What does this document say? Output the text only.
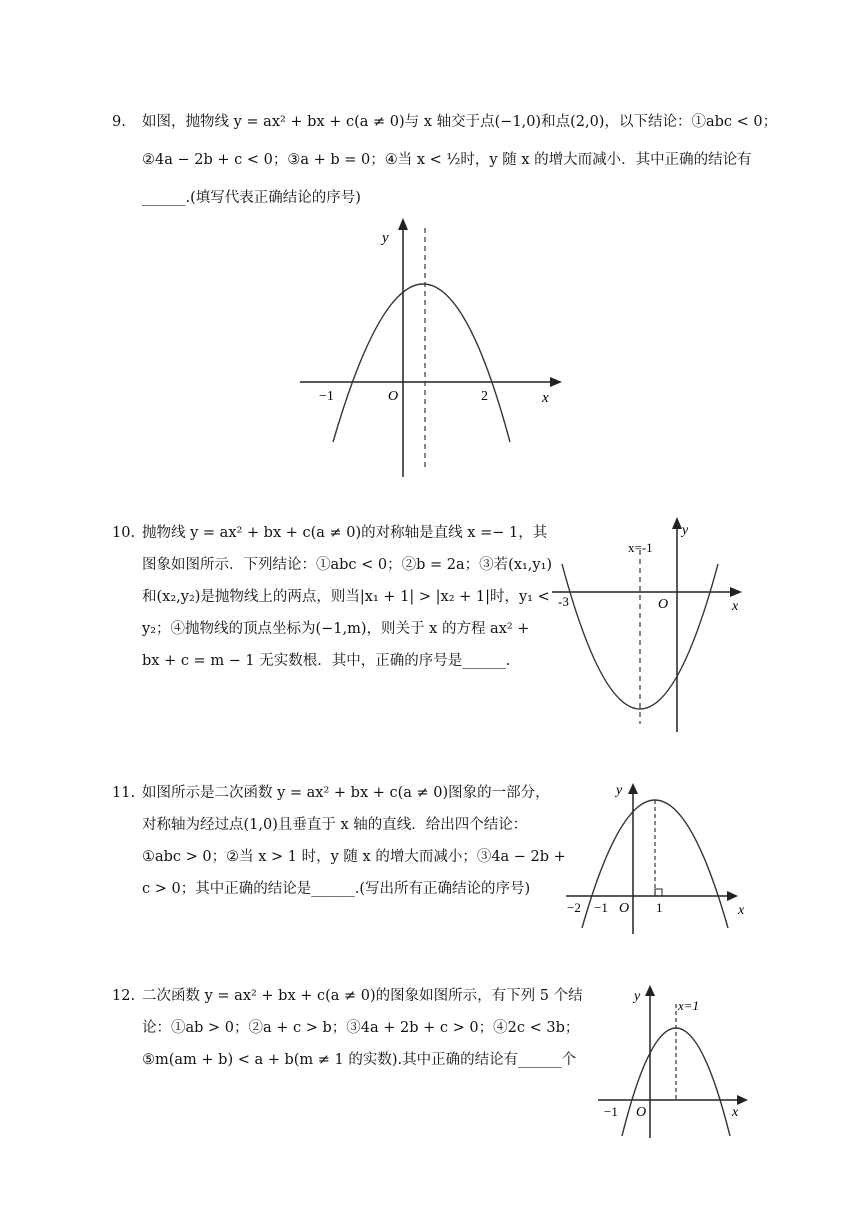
9. 如图，抛物线 y = ax² + bx + c(a ≠ 0)与 x 轴交于点(−1,0)和点(2,0)，以下结论：①abc < 0；
②4a − 2b + c < 0；③a + b = 0；④当 x < ½时，y 随 x 的增大而减小．其中正确的结论有
______.(填写代表正确结论的序号)
y
x
O
−1	2
10. 抛物线 y = ax² + bx + c(a ≠ 0)的对称轴是直线 x =− 1，其
图象如图所示．下列结论：①abc < 0；②b = 2a；③若(x₁,y₁)
和(x₂,y₂)是抛物线上的两点，则当|x₁ + 1| > |x₂ + 1|时，y₁ <
y₂；④抛物线的顶点坐标为(−1,m)，则关于 x 的方程 ax² +
bx + c = m − 1 无实数根．其中，正确的序号是______.
x=-1
y
x
O
-3
11. 如图所示是二次函数 y = ax² + bx + c(a ≠ 0)图象的一部分，
对称轴为经过点(1,0)且垂直于 x 轴的直线．给出四个结论：
①abc > 0；②当 x > 1 时，y 随 x 的增大而减小；③4a − 2b +
c > 0；其中正确的结论是______.(写出所有正确结论的序号)
y
x
O
−2 −1	1
12. 二次函数 y = ax² + bx + c(a ≠ 0)的图象如图所示，有下列 5 个结
论：①ab > 0；②a + c > b；③4a + 2b + c > 0；④2c < 3b；
⑤m(am + b) < a + b(m ≠ 1 的实数).其中正确的结论有______个
x=1
y
x
O
−1
